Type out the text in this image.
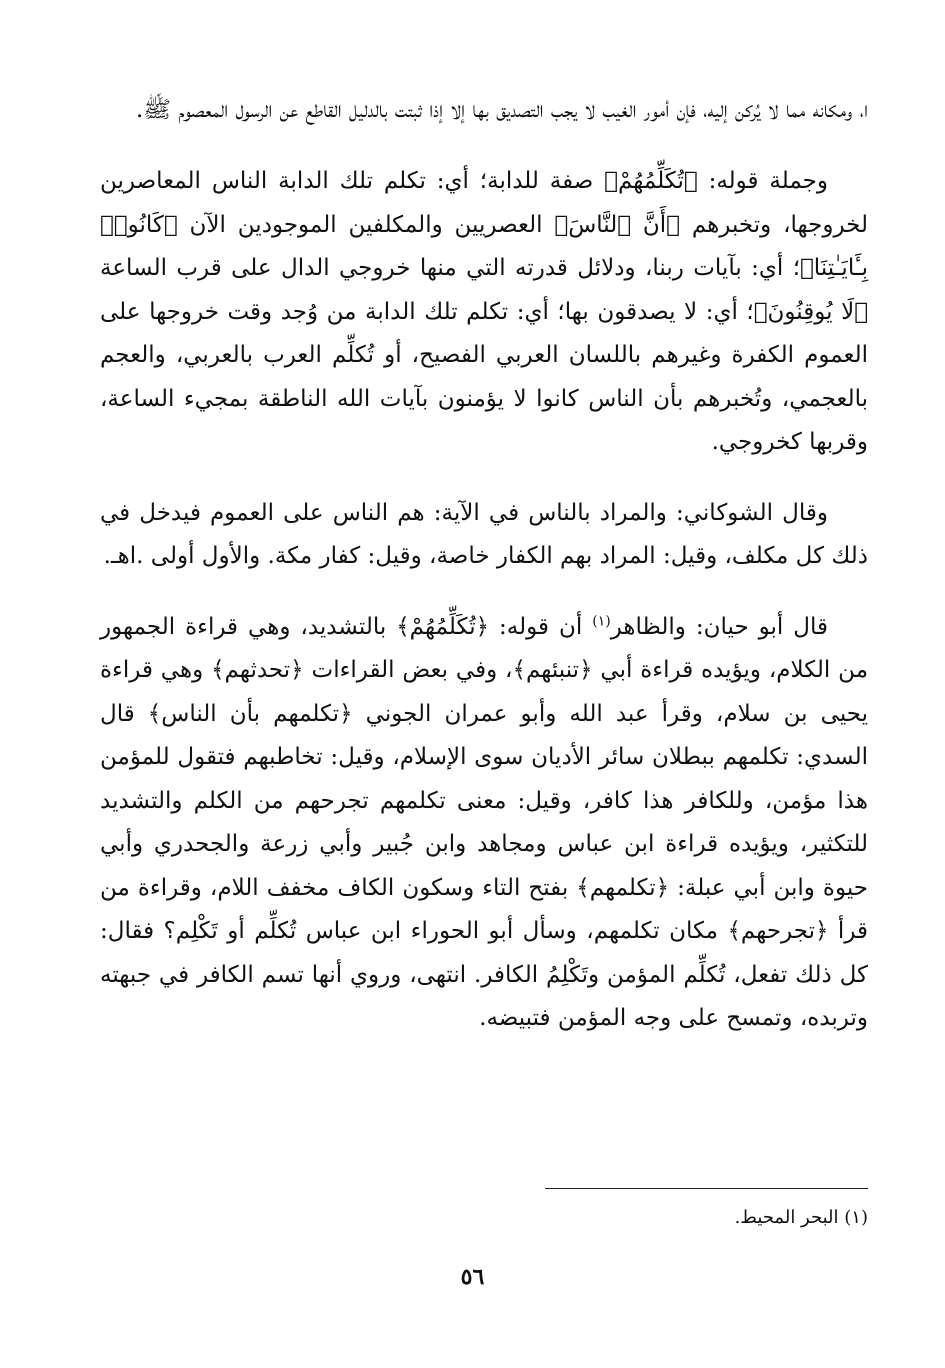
ا، ومكانه مما لا يُركن إليه، فإن أمور الغيب لا يجب التصديق بها إلا إذا ثبتت بالدليل القاطع عن الرسول المعصوم ﷺ.

وجملة قوله: ﴿تُكَلِّمُهُمْ﴾ صفة للدابة؛ أي: تكلم تلك الدابة الناس المعاصرين لخروجها، وتخبرهم ﴿أَنَّ ٱلنَّاسَ﴾ العصريين والمكلفين الموجودين الآن ﴿كَانُوا۟ بِـَٔايَـٰتِنَا﴾؛ أي: بآيات ربنا، ودلائل قدرته التي منها خروجي الدال على قرب الساعة ﴿لَا يُوقِنُونَ﴾؛ أي: لا يصدقون بها؛ أي: تكلم تلك الدابة من وُجد وقت خروجها على العموم الكفرة وغيرهم باللسان العربي الفصيح، أو تُكلِّم العرب بالعربي، والعجم بالعجمي، وتُخبرهم بأن الناس كانوا لا يؤمنون بآيات الله الناطقة بمجيء الساعة، وقربها كخروجي.

وقال الشوكاني: والمراد بالناس في الآية: هم الناس على العموم فيدخل في ذلك كل مكلف، وقيل: المراد بهم الكفار خاصة، وقيل: كفار مكة. والأول أولى .اهـ.

قال أبو حيان: والظاهر$^{(١)}$ أن قوله: ﴿تُكَلِّمُهُمْ﴾ بالتشديد، وهي قراءة الجمهور من الكلام، ويؤيده قراءة أبي ﴿تنبئهم﴾، وفي بعض القراءات ﴿تحدثهم﴾ وهي قراءة يحيى بن سلام، وقرأ عبد الله وأبو عمران الجوني ﴿تكلمهم بأن الناس﴾ قال السدي: تكلمهم ببطلان سائر الأديان سوى الإسلام، وقيل: تخاطبهم فتقول للمؤمن هذا مؤمن، وللكافر هذا كافر، وقيل: معنى تكلمهم تجرحهم من الكلم والتشديد للتكثير، ويؤيده قراءة ابن عباس ومجاهد وابن جُبير وأبي زرعة والجحدري وأبي حيوة وابن أبي عبلة: ﴿تكلمهم﴾ بفتح التاء وسكون الكاف مخفف اللام، وقراءة من قرأ ﴿تجرحهم﴾ مكان تكلمهم، وسأل أبو الحوراء ابن عباس تُكلِّم أو تَكْلِم؟ فقال: كل ذلك تفعل، تُكلِّم المؤمن وتَكْلِمُ الكافر. انتهى، وروي أنها تسم الكافر في جبهته وتربده، وتمسح على وجه المؤمن فتبيضه.

(١) البحر المحيط.
٥٦
